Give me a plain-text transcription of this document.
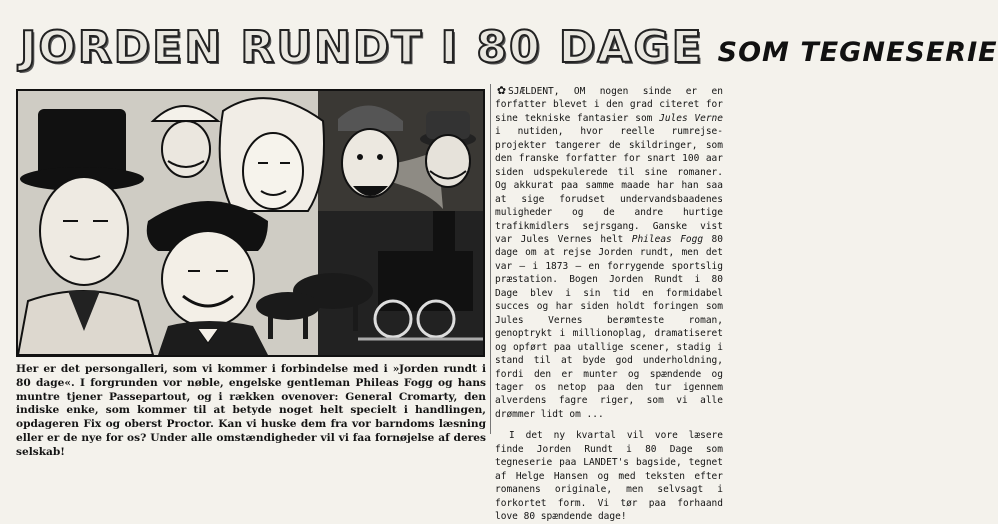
JORDEN RUNDT I 80 DAGE SOM TEGNESERIE

Her er det persongalleri, som vi kommer i forbindelse med i »Jorden rundt i 80 dage«. I forgrunden vor nøble, engelske gentleman Phileas Fogg og hans muntre tjener Passepartout, og i rækken ovenover: General Cromarty, den indiske enke, som kommer til at betyde noget helt specielt i handlingen, opdageren Fix og oberst Proctor. Kan vi huske dem fra vor barndoms læsning eller er de nye for os? Under alle omstændigheder vil vi faa fornøjelse af deres selskab!

✿ SJÆLDENT, OM nogen sinde er en forfatter blevet i den grad citeret for sine tekniske fantasier som Jules Verne i nutiden, hvor reelle rumrejse-projekter tangerer de skildringer, som den franske forfatter for snart 100 aar siden udspekulerede til sine romaner. Og akkurat paa samme maade har han saa at sige forudset undervandsbaadenes muligheder og de andre hurtige trafikmidlers sejrsgang. Ganske vist var Jules Vernes helt Phileas Fogg 80 dage om at rejse Jorden rundt, men det var — i 1873 — en forrygende sportslig præstation. Bogen Jorden Rundt i 80 Dage blev i sin tid en formidabel succes og har siden holdt foringen som Jules Vernes berømteste roman, genoptrykt i millionoplag, dramatiseret og opført paa utallige scener, stadig i stand til at byde god underholdning, fordi den er munter og spændende og tager os netop paa den tur igennem alverdens fagre riger, som vi alle drømmer lidt om ...

I det ny kvartal vil vore læsere finde Jorden Rundt i 80 Dage som tegneserie paa LANDET's bagside, tegnet af Helge Hansen og med teksten efter romanens originale, men selvsagt i forkortet form. Vi tør paa forhaand love 80 spændende dage!
